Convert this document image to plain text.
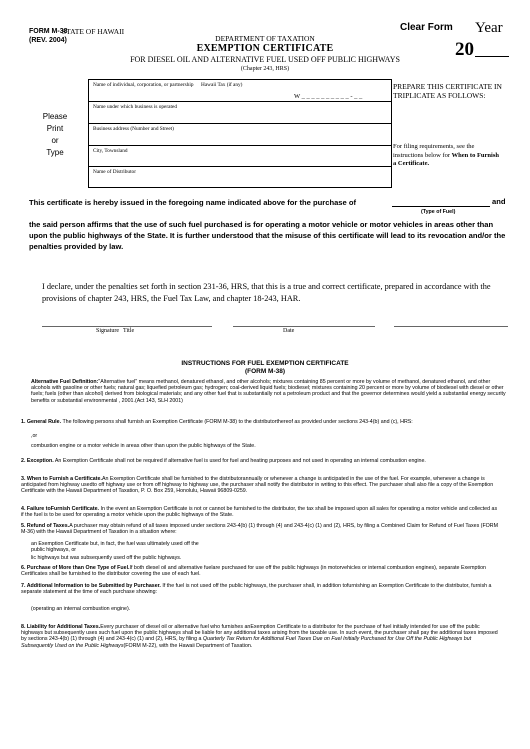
Clear Form Year
20
FORM M-38
(REV. 2004)
STATE OF HAWAII
DEPARTMENT OF TAXATION
EXEMPTION CERTIFICATE
FOR DIESEL OIL AND ALTERNATIVE FUEL USED OFF PUBLIC HIGHWAYS
(Chapter 243, HRS)
Please
Print
or
Type
Name of individual, corporation, or partnership Hawaii Tax (if any)
W _ _ _ _ _ _ _ _ _ _ - _ _
Name under which business is operated
Business address (Number and Street)
City, Townsland
Name of Distributor
PREPARE THIS CERTIFICATE IN TRIPLICATE AS FOLLOWS:
For filing requirements, see the instructions below for When to Furnish a Certificate.
This certificate is hereby issued in the foregoing name indicated above for the purchase of	and
(Type of Fuel)
the said person affirms that the use of such fuel purchased is for operating a motor vehicle or motor vehicles in areas other than upon the public highways of the State. It is further understood that the misuse of this certificate will lead to its revocation and/or the penalties provided by law.
I declare, under the penalties set forth in section 231-36, HRS, that this is a true and correct certificate, prepared in accordance with the provisions of chapter 243, HRS, the Fuel Tax Law, and chapter 18-243, HAR.
Signature Title	Date
INSTRUCTIONS FOR FUEL EXEMPTION CERTIFICATE
(FORM M-38)
Alternative Fuel Definition:"Alternative fuel" means methanol, denatured ethanol, and other alcohols; mixtures containing 85 percent or more by volume of methanol, denatured ethanol, and other alcohols with gasoline or other fuels; natural gas; liquefied petroleum gas; hydrogen; coal-derived liquid fuels; biodiesel; mixtures containing 20 percent or more by volume of biodiesel with diesel or other fuels; fuels (other than alcohol) derived from biological materials; and any other fuel that is substantially not a petroleum product and that the governor determines would yield a substantial energy security benefits or substantial environmental , 2001.(Act 143, SLH 2001)
1. General Rule. The following persons shall furnish an Exemption Certificate (FORM M-38) to the distributorthereof as provided under sections 243-4(b) and (c), HRS:
,or
combustion engine or a motor vehicle in areas other than upon the public highways of the State.
2. Exception. An Exemption Certificate shall not be required if alternative fuel is used for fuel and heating purposes and not used in operating an internal combustion engine.
3. When to Furnish a Certificate.An Exemption Certificate shall be furnished to the distributorannually or whenever a change is anticipated in the use of the fuel. For example, whenever a change is anticipated from highway usedto off highway use or from off highway to highway use, the purchaser shall notify the distributor in writing to this effect. The purchaser shall also file a copy of the Exemption Certificate with the Hawaii Department of Taxation, P. O. Box 259, Honolulu, Hawaii 96809-0259.
4. Failure toFurnish Certificate. In the event an Exemption Certificate is not or cannot be furnished to the distributor, the tax shall be imposed upon all sales for operating a motor vehicle and collected as if the fuel is to be used for operating a motor vehicle upon the public highways of the State.
5. Refund of Taxes.A purchaser may obtain refund of all taxes imposed under sections 243-4(b) (1) through (4) and 243-4(c) (1) and (2), HRS, by filing a Combined Claim for Refund of Fuel Taxes (FORM M-36) with the Hawaii Department of Taxation in a situation where:
an Exemption Certificate but, in fact, the fuel was ultimately used off the public highways, or
lic highways but was subsequently used off the public highways.
6. Purchase of More than One Type of Fuel.If both diesel oil and alternative fuelare purchased for use off the public highways (in motorvehicles or internal combustion engines), separate Exemption Certificates shall be furnished to the distributor covering the use of each fuel.
7. Additional Information to be Submitted by Purchaser. If the fuel is not used off the public highways, the purchaser shall, in addition tofurnishing an Exemption Certificate to the distributor, furnish a separate statement at the time of each purchase showing:
(operating an internal combustion engine).
8. Liability for Additional Taxes.Every purchaser of diesel oil or alternative fuel who furnishes anExemption Certificate to a distributor for the purchase of fuel initially intended for use off the public highways but subsequently uses such fuel upon the public highways shall be liable for any additional taxes arising from the taxable use. In such event, the purchaser shall pay the additional taxes imposed by sections 243-4(b) (1) through (4) and 243-4(c) (1) and (2), HRS, by filing a Quarterly Tax Return for Additional Fuel Taxes Due on Fuel Initially Purchased for Use Off the Public Highways but Subsequently Used on the Public Highways(FORM M-22), with the Hawaii Department of Taxation.
